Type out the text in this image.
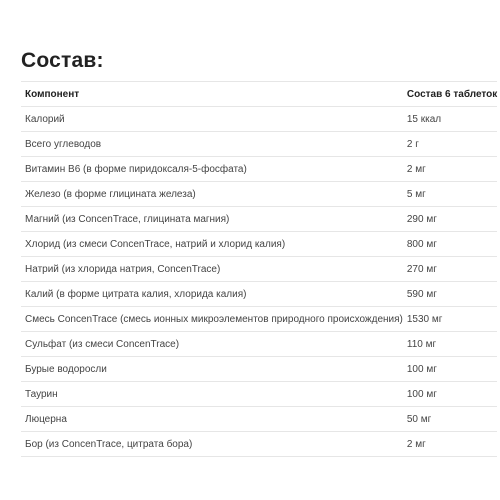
Состав:
Компонент	Состав 6 таблеток
Калорий	15 ккал
Всего углеводов	2 г
Витамин B6 (в форме пиридоксаля-5-фосфата)	2 мг
Железо (в форме глицината железа)	5 мг
Магний (из ConcenTrace, глицината магния)	290 мг
Хлорид (из смеси ConcenTrace, натрий и хлорид калия)	800 мг
Натрий (из хлорида натрия, ConcenTrace)	270 мг
Калий (в форме цитрата калия, хлорида калия)	590 мг
Смесь ConcenTrace (смесь ионных микроэлементов природного происхождения)	1530 мг
Сульфат (из смеси ConcenTrace)	110 мг
Бурые водоросли	100 мг
Таурин	100 мг
Люцерна	50 мг
Бор (из ConcenTrace, цитрата бора)	2 мг
